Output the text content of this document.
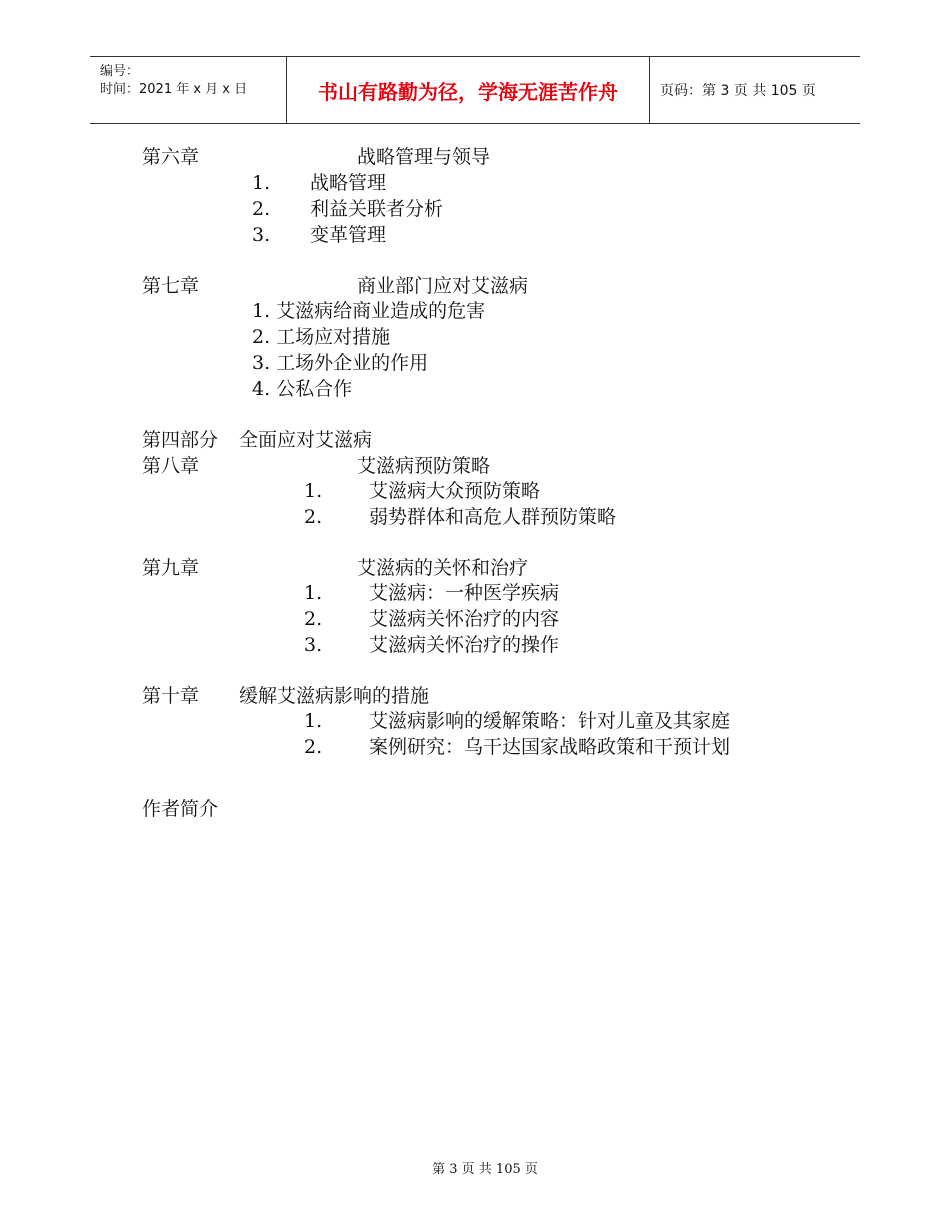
编号：
时间：2021 年 x 月 x 日	书山有路勤为径，学海无涯苦作舟	页码：第 3 页 共 105 页
第六章	战略管理与领导
1. 战略管理
2. 利益关联者分析
3. 变革管理
第七章	商业部门应对艾滋病
1. 艾滋病给商业造成的危害
2. 工场应对措施
3. 工场外企业的作用
4. 公私合作
第四部分 全面应对艾滋病
第八章	艾滋病预防策略
1. 艾滋病大众预防策略
2. 弱势群体和高危人群预防策略
第九章	艾滋病的关怀和治疗
1. 艾滋病：一种医学疾病
2. 艾滋病关怀治疗的内容
3. 艾滋病关怀治疗的操作
第十章 缓解艾滋病影响的措施
1. 艾滋病影响的缓解策略：针对儿童及其家庭
2. 案例研究：乌干达国家战略政策和干预计划
作者简介
第 3 页 共 105 页
